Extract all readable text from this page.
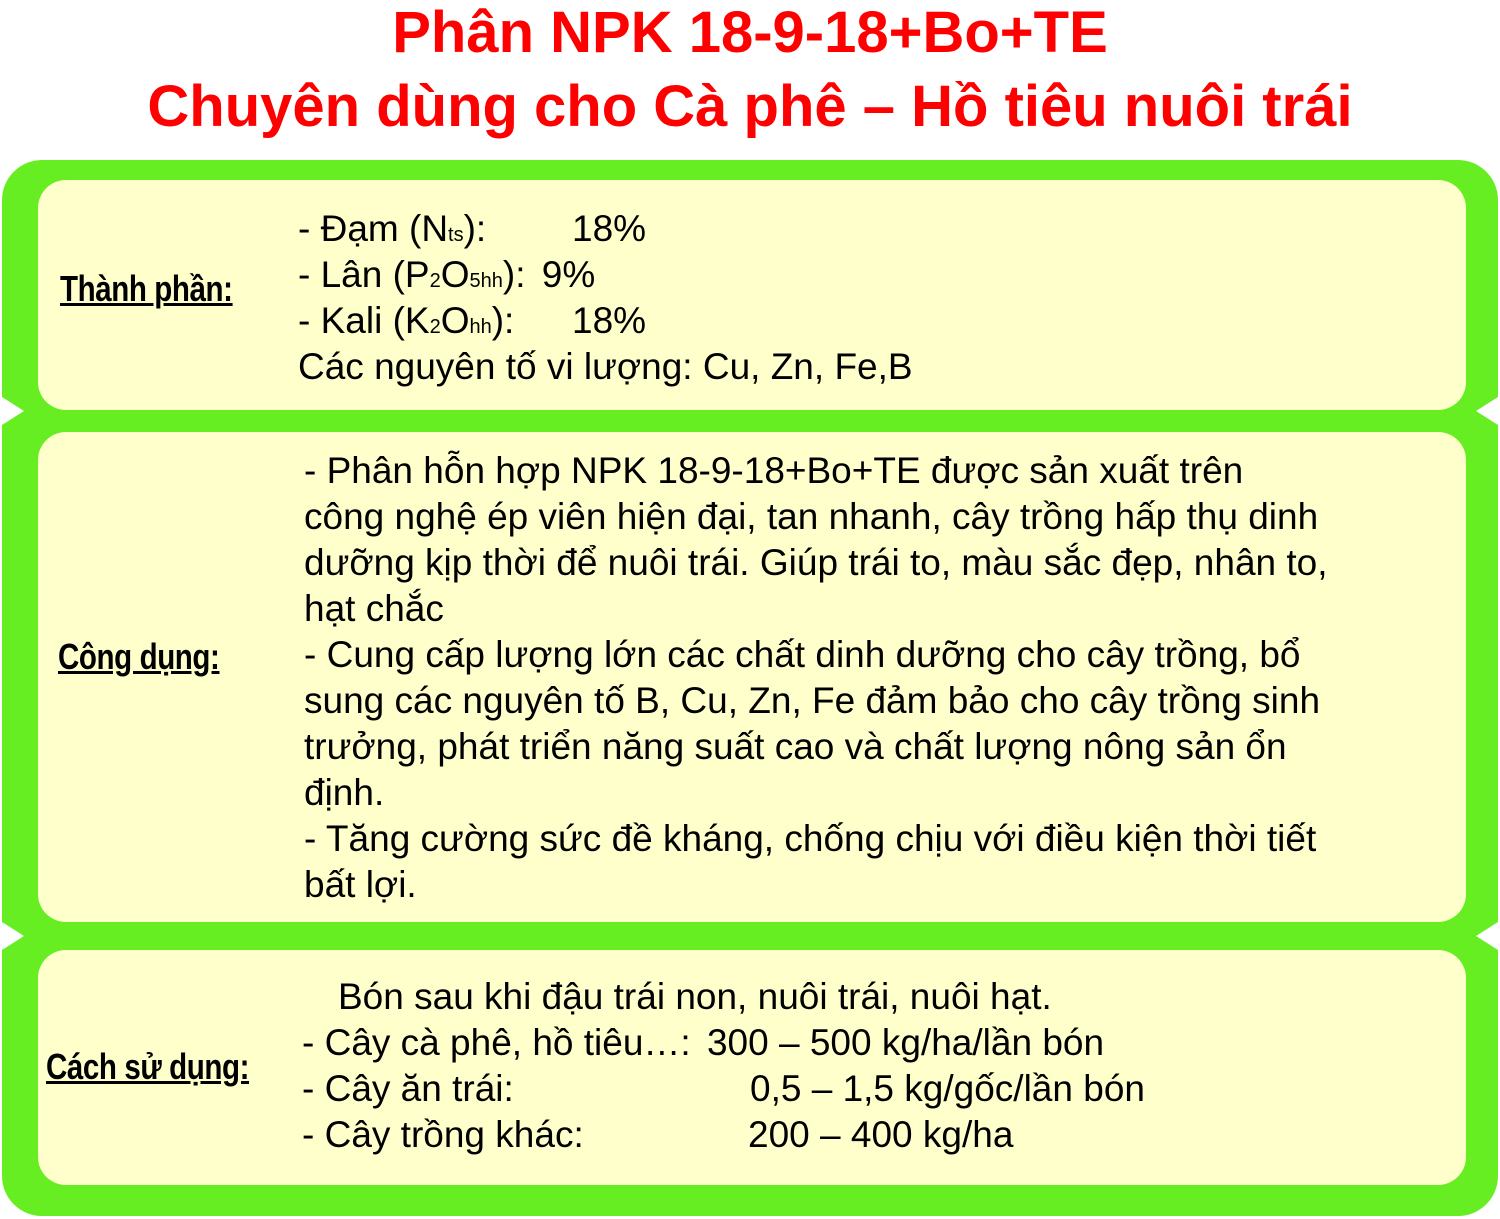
Phân NPK 18-9-18+Bo+TE
Chuyên dùng cho Cà phê – Hồ tiêu nuôi trái
Thành phần:
- Đạm (Nts): 18%
- Lân (P2O5hh): 9%
- Kali (K2Ohh): 18%
Các nguyên tố vi lượng: Cu, Zn, Fe,B
Công dụng:
- Phân hỗn hợp NPK 18-9-18+Bo+TE được sản xuất trên
công nghệ ép viên hiện đại, tan nhanh, cây trồng hấp thụ dinh
dưỡng kịp thời để nuôi trái. Giúp trái to, màu sắc đẹp, nhân to,
hạt chắc
- Cung cấp lượng lớn các chất dinh dưỡng cho cây trồng, bổ
sung các nguyên tố B, Cu, Zn, Fe đảm bảo cho cây trồng sinh
trưởng, phát triển năng suất cao và chất lượng nông sản ổn
định.
- Tăng cường sức đề kháng, chống chịu với điều kiện thời tiết
bất lợi.
Cách sử dụng:
Bón sau khi đậu trái non, nuôi trái, nuôi hạt.
- Cây cà phê, hồ tiêu…: 300 – 500 kg/ha/lần bón
- Cây ăn trái:	0,5 – 1,5 kg/gốc/lần bón
- Cây trồng khác:	200 – 400 kg/ha
